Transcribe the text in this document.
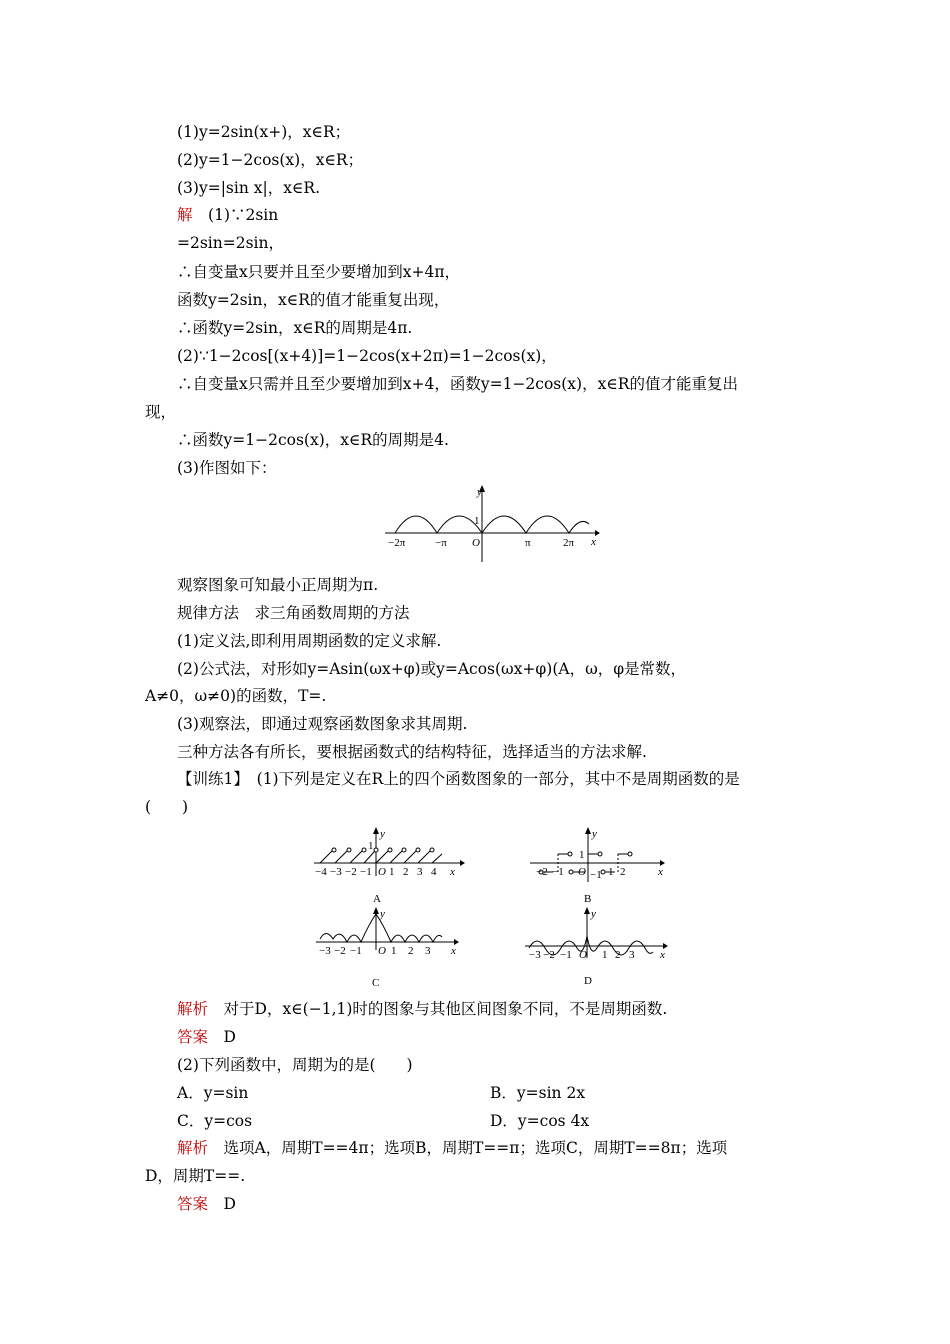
(1)y=2sin(x+)，x∈R；
(2)y=1−2cos(x)，x∈R；
(3)y=|sin x|，x∈R.
解　 (1)∵2sin
=2sin=2sin，
∴自变量x只要并且至少要增加到x+4π，
函数y=2sin，x∈R的值才能重复出现，
∴函数y=2sin，x∈R的周期是4π.
(2)∵1−2cos[(x+4)]=1−2cos(x+2π)=1−2cos(x)，
∴自变量x只需并且至少要增加到x+4，函数y=1−2cos(x)，x∈R的值才能重复出
现，
∴函数y=1−2cos(x)，x∈R的周期是4.
(3)作图如下：
y
x
1
O
−2π	−π	π	2π
观察图象可知最小正周期为π.
规律方法　求三角函数周期的方法
(1)定义法,即利用周期函数的定义求解.
(2)公式法，对形如y=Asin(ωx+φ)或y=Acos(ωx+φ)(A，ω，φ是常数，
A≠0，ω≠0)的函数，T=.
(3)观察法，即通过观察函数图象求其周期.
三种方法各有所长，要根据函数式的结构特征，选择适当的方法求解.
【训练1】　 (1)下列是定义在R上的四个函数图象的一部分，其中不是周期函数的是
(　　)
y
x
1
O
−4 −3 −2 −1 1 2 3 4
A
y
x
1
−1
O
−2 −1	1 2
B
y
x
O
−3 −2 −1	1 2 3
C
y
x
O
−3 −2 −1	1 2 3
D
解析　 对于D，x∈(−1,1)时的图象与其他区间图象不同，不是周期函数.
答案　 D
(2)下列函数中，周期为的是(　　)
A．y=sin	B．y=sin 2x
C．y=cos	D．y=cos 4x
解析　 选项A，周期T==4π；选项B，周期T==π；选项C，周期T==8π；选项
D，周期T==.
答案　 D
